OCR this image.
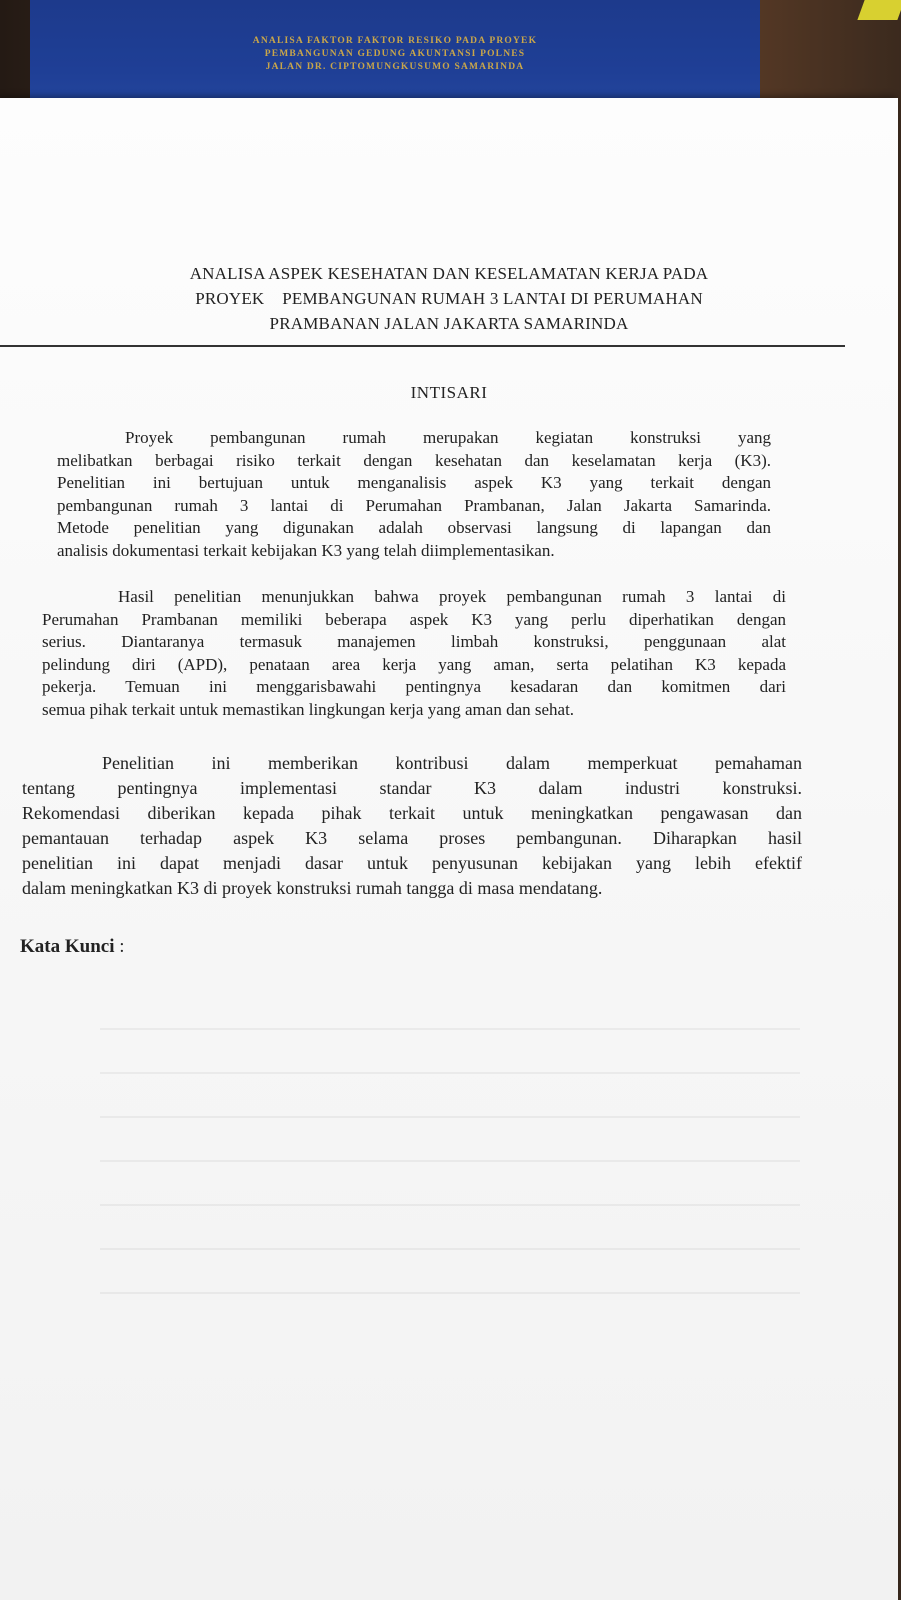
ANALISA FAKTOR FAKTOR RESIKO PADA PROYEK
PEMBANGUNAN GEDUNG AKUNTANSI POLNES
JALAN DR. CIPTOMUNGKUSUMO SAMARINDA
ANALISA ASPEK KESEHATAN DAN KESELAMATAN KERJA PADA
PROYEK    PEMBANGUNAN RUMAH 3 LANTAI DI PERUMAHAN
PRAMBANAN JALAN JAKARTA SAMARINDA
INTISARI
Proyek pembangunan rumah merupakan kegiatan konstruksi yang
melibatkan berbagai risiko terkait dengan kesehatan dan keselamatan kerja (K3).
Penelitian ini bertujuan untuk menganalisis aspek K3 yang terkait dengan
pembangunan rumah 3 lantai di Perumahan Prambanan, Jalan Jakarta Samarinda.
Metode penelitian yang digunakan adalah observasi langsung di lapangan dan
analisis dokumentasi terkait kebijakan K3 yang telah diimplementasikan.
Hasil penelitian menunjukkan bahwa proyek pembangunan rumah 3 lantai di
Perumahan Prambanan memiliki beberapa aspek K3 yang perlu diperhatikan dengan
serius. Diantaranya termasuk manajemen limbah konstruksi, penggunaan alat
pelindung diri (APD), penataan area kerja yang aman, serta pelatihan K3 kepada
pekerja. Temuan ini menggarisbawahi pentingnya kesadaran dan komitmen dari
semua pihak terkait untuk memastikan lingkungan kerja yang aman dan sehat.
Penelitian ini memberikan kontribusi dalam memperkuat pemahaman
tentang pentingnya implementasi standar K3 dalam industri konstruksi.
Rekomendasi diberikan kepada pihak terkait untuk meningkatkan pengawasan dan
pemantauan terhadap aspek K3 selama proses pembangunan. Diharapkan hasil
penelitian ini dapat menjadi dasar untuk penyusunan kebijakan yang lebih efektif
dalam meningkatkan K3 di proyek konstruksi rumah tangga di masa mendatang.
Kata Kunci :
